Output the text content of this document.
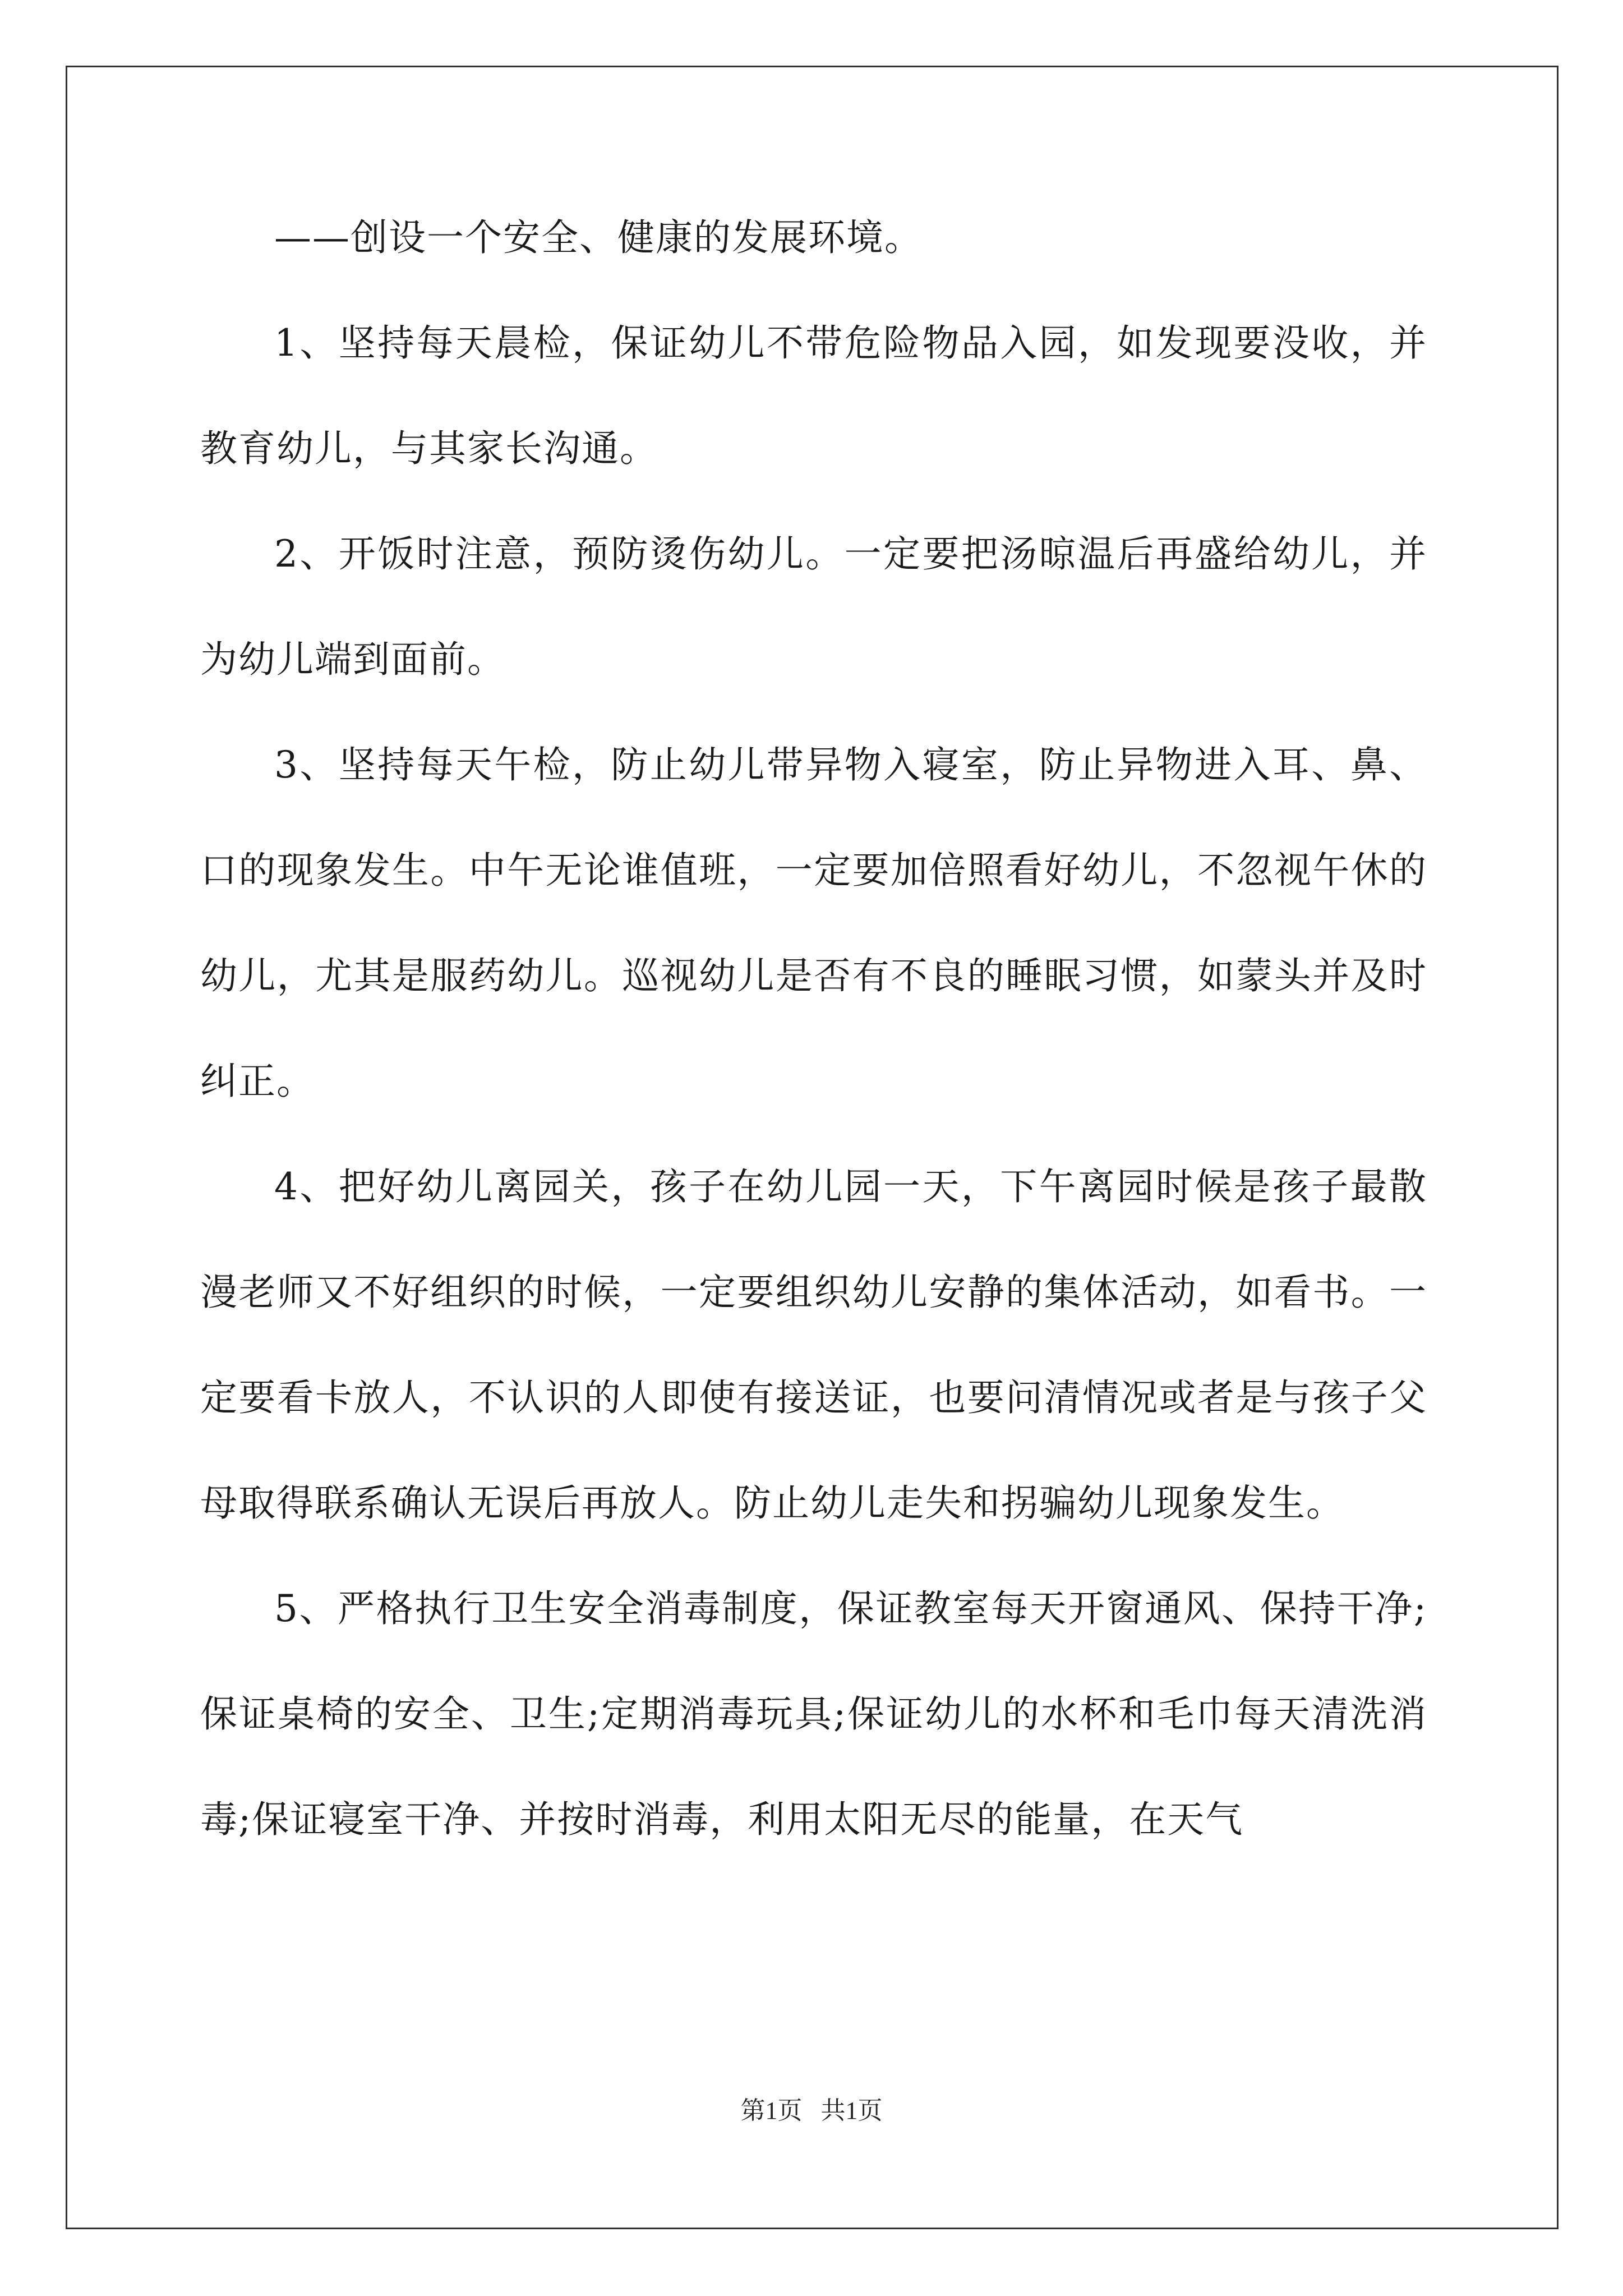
——创设一个安全、健康的发展环境。

1、坚持每天晨检，保证幼儿不带危险物品入园，如发现要没收，并教育幼儿，与其家长沟通。

2、开饭时注意，预防烫伤幼儿。一定要把汤晾温后再盛给幼儿，并为幼儿端到面前。

3、坚持每天午检，防止幼儿带异物入寝室，防止异物进入耳、鼻、口的现象发生。中午无论谁值班，一定要加倍照看好幼儿，不忽视午休的幼儿，尤其是服药幼儿。巡视幼儿是否有不良的睡眠习惯，如蒙头并及时纠正。

4、把好幼儿离园关，孩子在幼儿园一天，下午离园时候是孩子最散漫老师又不好组织的时候，一定要组织幼儿安静的集体活动，如看书。一定要看卡放人，不认识的人即使有接送证，也要问清情况或者是与孩子父母取得联系确认无误后再放人。防止幼儿走失和拐骗幼儿现象发生。

5、严格执行卫生安全消毒制度，保证教室每天开窗通风、保持干净;保证桌椅的安全、卫生;定期消毒玩具;保证幼儿的水杯和毛巾每天清洗消毒;保证寝室干净、并按时消毒，利用太阳无尽的能量，在天气

第1页   共1页
